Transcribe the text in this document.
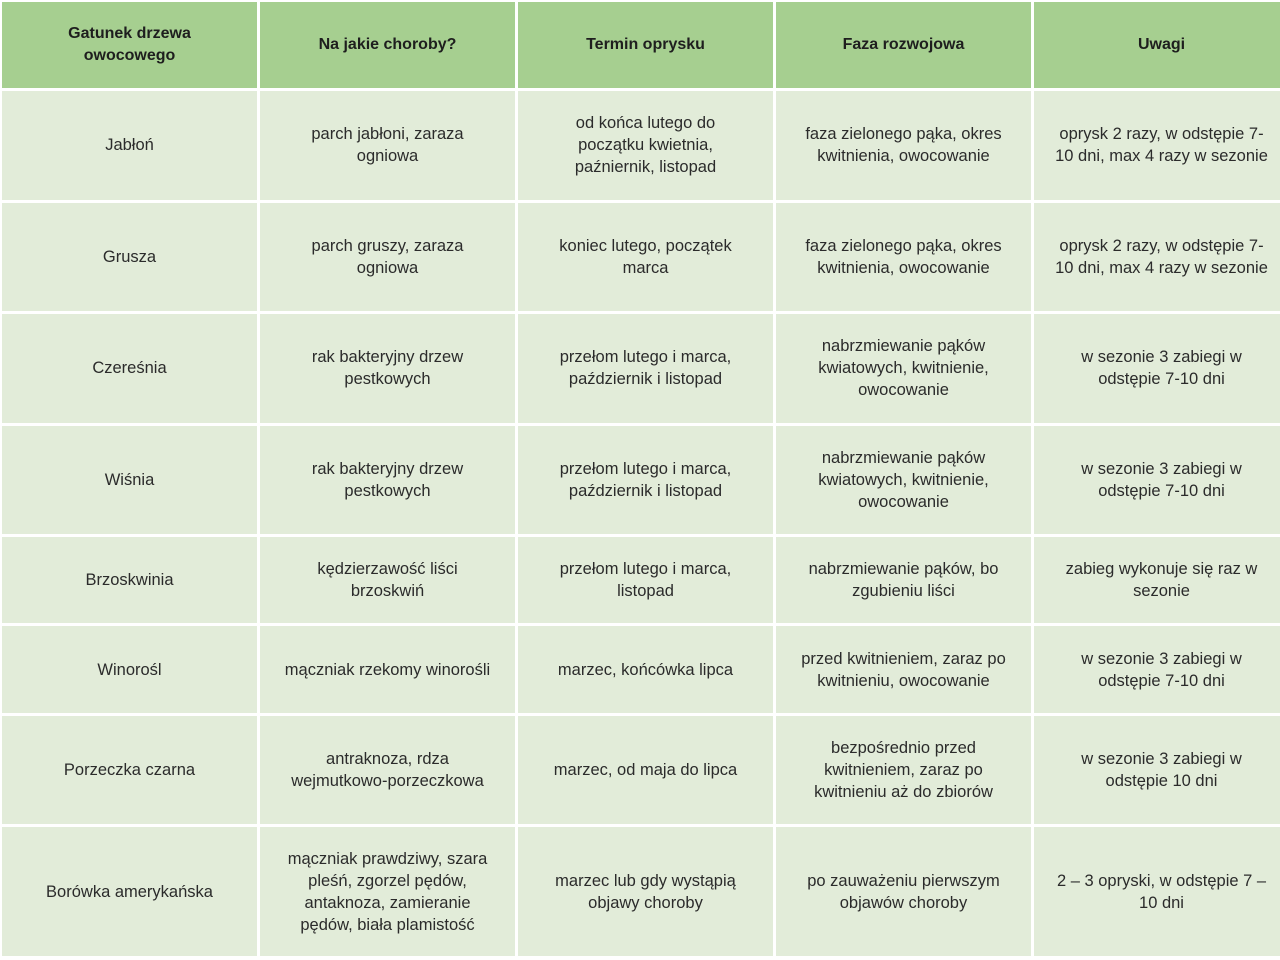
Gatunek drzewa owocowego	Na jakie choroby?	Termin oprysku	Faza rozwojowa	Uwagi
Jabłoń	parch jabłoni, zaraza ogniowa	od końca lutego do początku kwietnia, paźniernik, listopad	faza zielonego pąka, okres kwitnienia, owocowanie	oprysk 2 razy, w odstępie 7-10 dni, max 4 razy w sezonie
Grusza	parch gruszy, zaraza ogniowa	koniec lutego, początek marca	faza zielonego pąka, okres kwitnienia, owocowanie	oprysk 2 razy, w odstępie 7-10 dni, max 4 razy w sezonie
Czereśnia	rak bakteryjny drzew pestkowych	przełom lutego i marca, październik i listopad	nabrzmiewanie pąków kwiatowych, kwitnienie, owocowanie	w sezonie 3 zabiegi w odstępie 7-10 dni
Wiśnia	rak bakteryjny drzew pestkowych	przełom lutego i marca, październik i listopad	nabrzmiewanie pąków kwiatowych, kwitnienie, owocowanie	w sezonie 3 zabiegi w odstępie 7-10 dni
Brzoskwinia	kędzierzawość liści brzoskwiń	przełom lutego i marca, listopad	nabrzmiewanie pąków, bo zgubieniu liści	zabieg wykonuje się raz w sezonie
Winorośl	mączniak rzekomy winorośli	marzec, końcówka lipca	przed kwitnieniem, zaraz po kwitnieniu, owocowanie	w sezonie 3 zabiegi w odstępie 7-10 dni
Porzeczka czarna	antraknoza, rdza wejmutkowo-porzeczkowa	marzec, od maja do lipca	bezpośrednio przed kwitnieniem, zaraz po kwitnieniu aż do zbiorów	w sezonie 3 zabiegi w odstępie 10 dni
Borówka amerykańska	mączniak prawdziwy, szara pleśń, zgorzel pędów, antaknoza, zamieranie pędów, biała plamistość	marzec lub gdy wystąpią objawy choroby	po zauważeniu pierwszym objawów choroby	2 – 3 opryski, w odstępie 7 – 10 dni
